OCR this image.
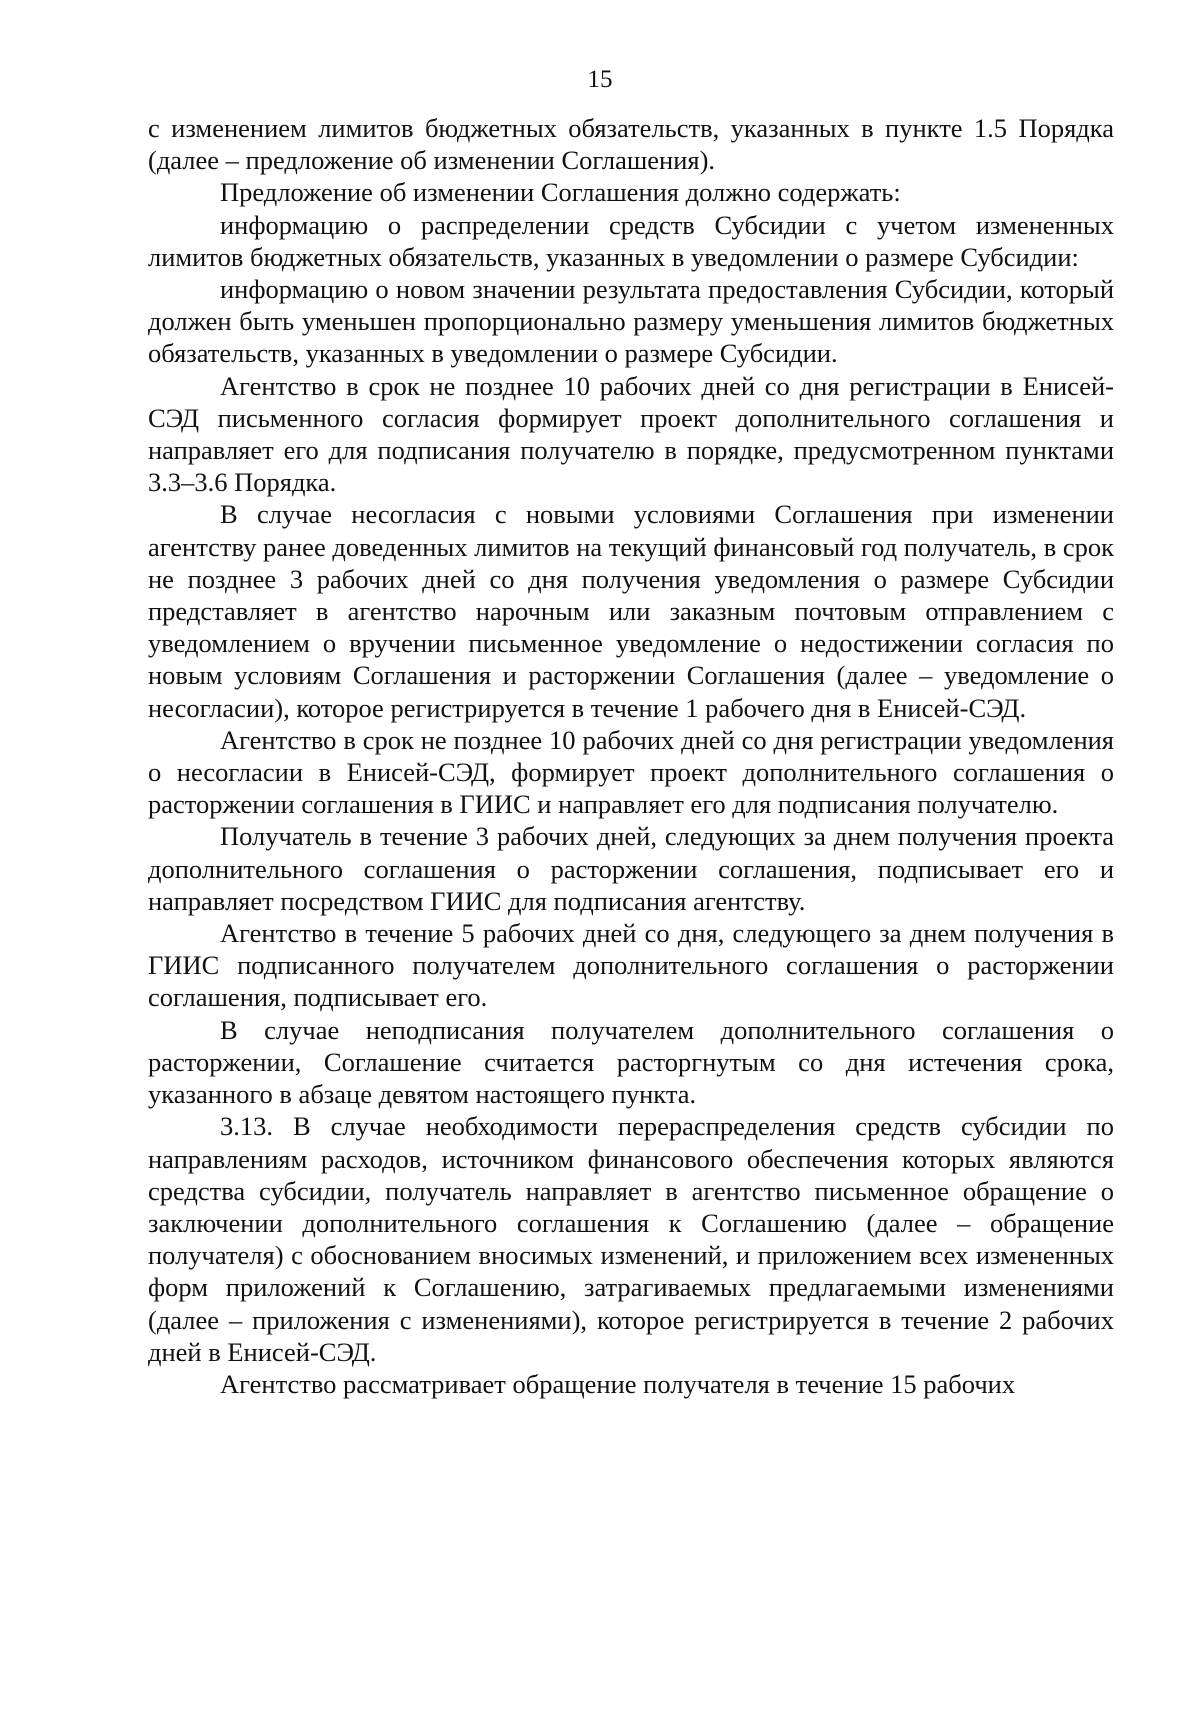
15

с изменением лимитов бюджетных обязательств, указанных в пункте 1.5 Порядка (далее – предложение об изменении Соглашения).

Предложение об изменении Соглашения должно содержать:

информацию о распределении средств Субсидии с учетом измененных лимитов бюджетных обязательств, указанных в уведомлении о размере Субсидии:

информацию о новом значении результата предоставления Субсидии, который должен быть уменьшен пропорционально размеру уменьшения лимитов бюджетных обязательств, указанных в уведомлении о размере Субсидии.

Агентство в срок не позднее 10 рабочих дней со дня регистрации в Енисей-СЭД письменного согласия формирует проект дополнительного соглашения и направляет его для подписания получателю в порядке, предусмотренном пунктами 3.3–3.6 Порядка.

В случае несогласия с новыми условиями Соглашения при изменении агентству ранее доведенных лимитов на текущий финансовый год получатель, в срок не позднее 3 рабочих дней со дня получения уведомления о размере Субсидии представляет в агентство нарочным или заказным почтовым отправлением с уведомлением о вручении письменное уведомление о недостижении согласия по новым условиям Соглашения и расторжении Соглашения (далее – уведомление о несогласии), которое регистрируется в течение 1 рабочего дня в Енисей-СЭД.

Агентство в срок не позднее 10 рабочих дней со дня регистрации уведомления о несогласии в Енисей-СЭД, формирует проект дополнительного соглашения о расторжении соглашения в ГИИС и направляет его для подписания получателю.

Получатель в течение 3 рабочих дней, следующих за днем получения проекта дополнительного соглашения о расторжении соглашения, подписывает его и направляет посредством ГИИС для подписания агентству.

Агентство в течение 5 рабочих дней со дня, следующего за днем получения в ГИИС подписанного получателем дополнительного соглашения о расторжении соглашения, подписывает его.

В случае неподписания получателем дополнительного соглашения о расторжении, Соглашение считается расторгнутым со дня истечения срока, указанного в абзаце девятом настоящего пункта.

3.13. В случае необходимости перераспределения средств субсидии по направлениям расходов, источником финансового обеспечения которых являются средства субсидии, получатель направляет в агентство письменное обращение о заключении дополнительного соглашения к Соглашению (далее – обращение получателя) с обоснованием вносимых изменений, и приложением всех измененных форм приложений к Соглашению, затрагиваемых предлагаемыми изменениями (далее – приложения с изменениями), которое регистрируется в течение 2 рабочих дней в Енисей-СЭД.

Агентство рассматривает обращение получателя в течение 15 рабочих
